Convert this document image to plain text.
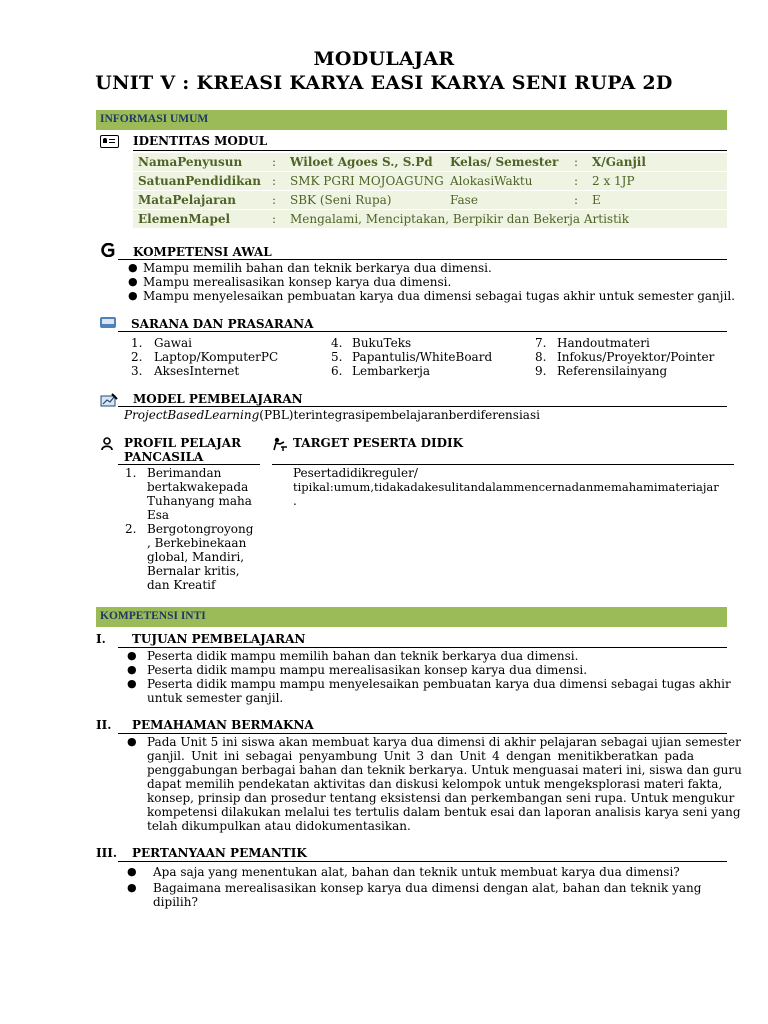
MODULAJAR
UNIT V : KREASI KARYA EASI KARYA SENI RUPA 2D
INFORMASI UMUM
IDENTITAS MODUL
NamaPenyusun : Wiloet Agoes S., S.Pd Kelas/ Semester : X/Ganjil
SatuanPendidikan : SMK PGRI MOJOAGUNG AlokasiWaktu	: 2 x 1JP
MataPelajaran	: SBK (Seni Rupa)	Fase	: E
ElemenMapel	: Mengalami, Menciptakan, Berpikir dan Bekerja Artistik
KOMPETENSI AWAL
● Mampu memilih bahan dan teknik berkarya dua dimensi.
● Mampu merealisasikan konsep karya dua dimensi.
● Mampu menyelesaikan pembuatan karya dua dimensi sebagai tugas akhir untuk semester ganjil.
SARANA DAN PRASARANA
1. Gawai
2. Laptop/KomputerPC
3. AksesInternet
4. BukuTeks
5. Papantulis/WhiteBoard
6. Lembarkerja
7. Handoutmateri
8. Infokus/Proyektor/Pointer
9. Referensilainyang
MODEL PEMBELAJARAN
ProjectBasedLearning(PBL)terintegrasipembelajaranberdiferensiasi
PROFIL PELAJAR
PANCASILA
1. Berimandan
bertakwakepada
Tuhanyang maha
Esa
2. Bergotongroyong
, Berkebinekaan
global, Mandiri,
Bernalar kritis,
dan Kreatif
TARGET PESERTA DIDIK
Pesertadidikreguler/
tipikal:umum,tidakadakesulitandalammencernadanmemahamimateriajar
.
KOMPETENSI INTI
I. TUJUAN PEMBELAJARAN
● Peserta didik mampu memilih bahan dan teknik berkarya dua dimensi.
● Peserta didik mampu mampu merealisasikan konsep karya dua dimensi.
● Peserta didik mampu mampu menyelesaikan pembuatan karya dua dimensi sebagai tugas akhir
untuk semester ganjil.
II. PEMAHAMAN BERMAKNA
● Pada Unit 5 ini siswa akan membuat karya dua dimensi di akhir pelajaran sebagai ujian semester
ganjil. Unit ini sebagai penyambung Unit 3 dan Unit 4 dengan menitikberatkan pada
penggabungan berbagai bahan dan teknik berkarya. Untuk menguasai materi ini, siswa dan guru
dapat memilih pendekatan aktivitas dan diskusi kelompok untuk mengeksplorasi materi fakta,
konsep, prinsip dan prosedur tentang eksistensi dan perkembangan seni rupa. Untuk mengukur
kompetensi dilakukan melalui tes tertulis dalam bentuk esai dan laporan analisis karya seni yang
telah dikumpulkan atau didokumentasikan.
III. PERTANYAAN PEMANTIK
● Apa saja yang menentukan alat, bahan dan teknik untuk membuat karya dua dimensi?
● Bagaimana merealisasikan konsep karya dua dimensi dengan alat, bahan dan teknik yang
dipilih?
